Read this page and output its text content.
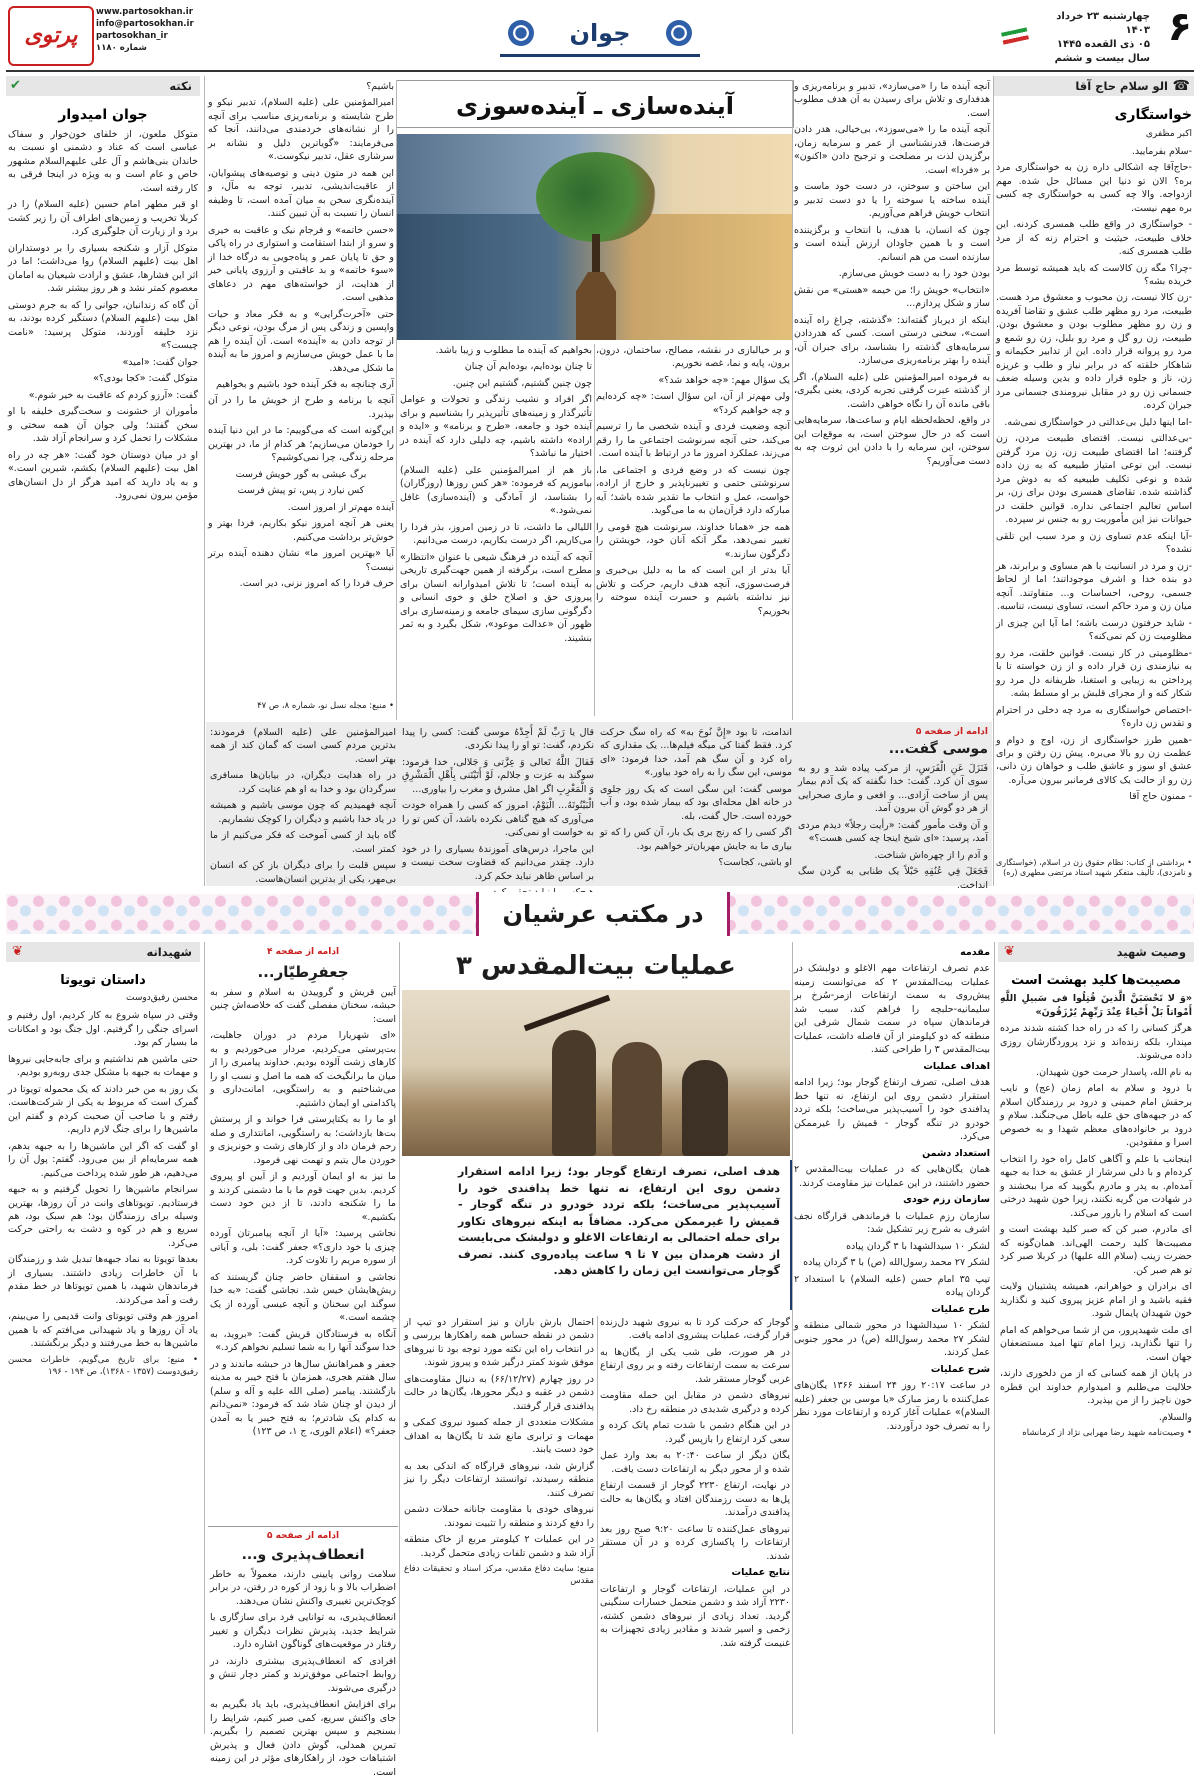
۶
چهارشنبه ۲۳ خرداد ۱۴۰۳
۰۵ ذی القعده ۱۴۴۵
سال بیست و ششم
جوان
www.partosokhan.ir
info@partosokhan.ir
partosokhan_ir
شماره ۱۱۸۰
پرتوی
☎
الو سلام حاج آقا
خواستگاری
اکبر مظفری

-سلام بفرمایید.

-حاج‌آقا چه اشکالی داره زن به خواستگاری مرد بره؟ الان تو دنیا این مسائل حل شده. مهم ازدواجه. والا چه کسی به خواستگاری چه کسی بره مهم نیست.

- خواستگاری در واقع طلب همسری کردنه. این خلاف طبیعت، حیثیت و احترام زنه که از مرد طلب همسری کنه.

-چرا؟ مگه زن کالاست که باید همیشه توسط مرد خریده بشه؟

-زن کالا نیست، زن محبوب و معشوق مرد هست. طبیعت، مرد رو مظهر طلب عشق و تقاضا آفریده و زن رو مظهر مطلوب بودن و معشوق بودن. طبیعت، زن رو گل و مرد رو بلبل، زن رو شمع و مرد رو پروانه قرار داده. این از تدابیر حکیمانه و شاهکار خلقته که در برابر نیاز و طلب و غریزه زن، ناز و جلوه قرار داده و بدین وسیله ضعف جسمانی زن رو در مقابل نیرومندی جسمانی مرد جبران کرده.

-اما اینها دلیل بی‌عدالتی در خواستگاری نمی‌شه.

-بی‌عدالتی نیست. اقتضای طبیعت مردن، زن گرفتنه؛ اما اقتضای طبیعت زن، زن مرد گرفتن نیست. این نوعی امتیاز طبیعیه که به زن داده شده و نوعی تکلیف طبیعیه که به دوش مرد گذاشته شده. تقاضای همسری بودن برای زن، بر اساس تعالیم اجتماعی نداره. قوانین خلقت در حیوانات نیز این مأموریت رو به جنس نر سپرده.

-آیا اینکه عدم تساوی زن و مرد سبب این تلقی نشده؟

-زن و مرد در انسانیت با هم مساوی و برابرند، هر دو بنده خدا و اشرف موجوداتند؛ اما از لحاظ جسمی، روحی، احساسات و... متفاوتند. آنچه میان زن و مرد حاکم است، تساوی نیست، تناسبه.

- شاید حرفتون درست باشه؛ اما آیا این چیزی از مظلومیت زن کم نمی‌کنه؟

-مظلومیتی در کار نیست. قوانین خلقت، مرد رو به نیازمندی زن قرار داده و از زن خواسته تا با پرداختن به زیبایی و استغنا، ظریفانه دل مرد رو شکار کنه و از مجرای قلبش بر او مسلط بشه.

-اختصاص خواستگاری به مرد چه دخلی در احترام و تقدس زن داره؟

-همین طرز خواستگاری از زن، اوج و دوام و عظمت زن رو بالا می‌بره. پیش زن رفتن و برای عشق او سوز و عاشق طلب و خواهان زن دانی، زن رو از حالت یک کالای فرمانبر بیرون می‌آره.

- ممنون حاج آقا

• برداشتی از کتاب: نظام حقوق زن در اسلام، (خواستگاری و نامزدی)، تألیف متفکر شهید استاد مرتضی مطهری (ره)
✔	نکته
جوان امیدوار

متوکل ملعون، از خلفای خون‌خوار و سفاک عباسی است که عناد و دشمنی او نسبت به خاندان بنی‌هاشم و آل علی علیهم‌السلام مشهور خاص و عام است و به ویژه در اینجا فرقی به کار رفته است.

او قبر مطهر امام حسین (علیه السلام) را در کربلا تخریب و زمین‌های اطراف آن را زیر کشت برد و از زیارت آن جلوگیری کرد.

متوکل آزار و شکنجه بسیاری را بر دوستداران اهل بیت (علیهم السلام) روا می‌داشت؛ اما در اثر این فشارها، عشق و ارادت شیعیان به امامان معصوم کمتر نشد و هر روز بیشتر شد.

آن گاه که زندانبان، جوانی را که به جرم دوستی اهل بیت (علیهم السلام) دستگیر کرده بودند، به نزد خلیفه آوردند، متوکل پرسید: «نامت چیست؟»

جوان گفت: «امید»

متوکل گفت: «کجا بودی؟»

گفت: «آرزو کردم که عاقبت به خیر شوم.»

مأموران از خشونت و سخت‌گیری خلیفه با او سخن گفتند؛ ولی جوان آن همه سختی و مشکلات را تحمل کرد و سرانجام آزاد شد.

او در میان دوستان خود گفت: «هر چه در راه اهل بیت (علیهم السلام) بکشم، شیرین است.» و به یاد دارید که امید هرگز از دل انسان‌های مؤمن بیرون نمی‌رود.

آینده‌سازی ـ آینده‌سوزی

آنچه آینده ما را «می‌سازد»، تدبیر و برنامه‌ریزی و هدفداری و تلاش برای رسیدن به آن هدف مطلوب است.

آنچه آینده ما را «می‌سوزد»، بی‌خیالی، هدر دادن فرصت‌ها، قدرنشناسی از عمر و سرمایه زمان، برگزیدن لذت بر مصلحت و ترجیح دادن «اکنون» بر «فردا» است.

این ساختن و سوختن، در دست خود ماست و آینده ساخته یا سوخته را یا دو دست تدبیر و انتخاب خویش فراهم می‌آوریم.

چون که انسان، با هدف، با انتخاب و برگزیننده است و با همین جاودان ارزش آینده است و سازنده است من هم انسانم.

بودن خود را به دست خویش می‌سازم.

«انتخاب» خویش را؛ من خیمه «هستی» من نقش ساز و شکل پردازم...

اینکه از دیرباز گفته‌اند: «گذشته، چراغ راه آینده است»، سخنی درستی است. کسی که هدردادن سرمایه‌های گذشته را بشناسد، برای جبران آن، آینده را بهتر برنامه‌ریزی می‌سازد.

به فرموده امیرالمؤمنین علی (علیه السلام)، اگر از گذشته عبرت گرفتی تجربه کردی، یعنی بگیری، باقی مانده آن را نگاه خواهی داشت.

در واقع، لحظه‌لحظه ایام و ساعت‌ها، سرمایه‌هایی است که در حال سوختن است، به موقع‌ات این سوختن، این سرمایه را با دادن این ثروت چه به دست می‌آوریم؟

و بر خیالبازی در نقشه، مصالح، ساختمان، درون، برون، پایه و نما، غصه نخوریم.

یک سؤال مهم: «چه خواهد شد؟»

ولی مهم‌تر از آن، این سؤال است: «چه کرده‌ایم و چه خواهیم کرد؟»

آنچه وضعیت فردی و آینده شخصی ما را ترسیم می‌کند، حتی آنچه سرنوشت اجتماعی ما را رقم می‌زند، عملکرد امروز ما در ارتباط با آینده است.

چون نیست که در وضع فردی و اجتماعی ما، سرنوشتی حتمی و تغییرناپذیر و خارج از اراده، خواست، عمل و انتخاب ما تقدیر شده باشد؛ آیه مبارکه دارد قرآن‌مان به ما می‌گوید.

همه جز «همانا خداوند، سرنوشت هیچ قومی را تغییر نمی‌دهد، مگر آنکه آنان خود، خویشتن را دگرگون سازند.»

آیا بدتر از این است که ما به دلیل بی‌خبری و فرصت‌سوزی، آنچه هدف داریم، حرکت و تلاش نیز نداشته باشیم و حسرت آینده سوخته را بخوریم؟

بخواهیم که آینده ما مطلوب و زیبا باشد.

تا چنان بوده‌ایم، بوده‌ایم آن چنان

چون چنین گشتیم، گشتیم این چنین.

اگر افراد و نشیب زندگی و تحولات و عوامل تأثیرگذار و زمینه‌های تأثیرپذیر را بشناسیم و برای آینده خود و جامعه، «طرح و برنامه» و «ایده و اراده» داشته باشیم، چه دلیلی دارد که آینده در اختیار ما نباشد؟

باز هم از امیرالمؤمنین علی (علیه السلام) بیاموزیم که فرموده: «هر کس روزها (روزگاران) را بشناسد، از آمادگی و (آینده‌سازی) غافل نمی‌شود.»

اللیالی ما داشت، تا در زمین امروز، بذر فردا را می‌کاریم، اگر درست بکاریم، درست می‌دانیم.

آنچه که آینده در فرهنگ شیعی با عنوان «انتظار» مطرح است، برگرفته از همین جهت‌گیری تاریخی به آینده است؛ تا تلاش امیدوارانه انسان برای پیروزی حق و اصلاح خلق و خوی انسانی و دگرگونی سازی سیمای جامعه و زمینه‌سازی برای ظهور آن «عدالت موعود»، شکل بگیرد و به ثمر بنشیند.

باشیم؟

امیرالمؤمنین علی (علیه السلام)، تدبیر نیکو و طرح شایسته و برنامه‌ریزی مناسب برای آنچه را از نشانه‌های خردمندی می‌دانند، آنجا که می‌فرمایند: «گویاترین دلیل و نشانه بر سرشاری عقل، تدبیر نیکوست.»

این همه در متون دینی و توصیه‌های پیشوایان، از عاقبت‌اندیشی، تدبیر، توجه به مآل، و آینده‌نگری سخن به میان آمده است، تا وظیفه انسان را نسبت به آن تبیین کنند.

«حسن خاتمه» و فرجام نیک و عاقبت به خیری و سرو از ابتدا استقامت و استواری در راه پاکی و حق تا پایان عمر و پناه‌جویی به درگاه خدا از «سوء خاتمه» و بد عاقبتی و آرزوی پایانی خیر از هدایت، از خواسته‌های مهم در دعاهای مذهبی است.

حتی «آخرت‌گرایی» و به فکر معاد و حیات واپسین و زندگی پس از مرگ بودن، نوعی دیگر از توجه دادن به «آینده» است. آن آینده را هم ما با عمل خویش می‌سازیم و امروز ما به آینده ما شکل می‌دهد.

آری چنانچه به فکر آینده خود باشیم و بخواهیم

آنچه با برنامه و طرح از خویش ما را در آن بپذیرد.

این‌گونه است که می‌گوییم: ما در این دنیا آینده را خودمان می‌سازیم؛ هر کدام از ما، در بهترین مرحله زندگی، چرا نمی‌کوشیم؟

برگ عیشی به گور خویش فرست

کس نیارد ز پس، تو پیش فرست

آینده مهم‌تر از امروز است.

یعنی هر آنچه امروز نیکو بکاریم، فردا بهتر و خوش‌تر برداشت می‌کنیم.

آیا «بهترین امروز ما» نشان دهنده آینده برتر نیست؟

حرف فردا را که امروز نزنی، دیر است.

• منبع: مجله نسل نو، شماره ۸، ص ۴۷
ادامه از صفحه ۵
موسی گفت...

فَنَزَلَ عَنِ الْفَرَسِ، از مرکب پیاده شد و رو به سوی آن کرد. گفت: خدا نگفته که یک آدم بیمار پس از ساخت آزادی... و افعی و ماری صحرایی از هر دو گوش آن بیرون آمد.

و آن وقت مأمور گفت: «رأیت رجلاً» دیدم مردی آمد، پرسید: «ای شیخ اینجا چه کسی هست؟»

و آدم را از چهره‌اش شناخت.

فَجَعَلَ فِي عُنُقِهِ حَبْلاً یک طنابی به گردن سگ انداخت.

اندامت، تا بود «إِنَّ نُوحَ به» که راه سگ حرکت کرد. فقط گفتا کی میگه فیلم‌ها... یک مقداری که راه کرد و آن سگ هم آمد، خدا فرمود: «ای موسی، این سگ را به راه خود بیاور.»

موسی گفت: این سگی است که یک روز جلوی در خانه اهل محله‌ای بود که بیمار شده بود، و آب خورده است. حال گفت، بله.

اگر کسی را که رنج بری یک بار، آن کس را که تو بیاری ما به جایش مهربان‌تر خواهیم بود.

او باشی، کجاست؟

قال یا رَبِّ لَمْ أَجِدْهُ موسی گفت: کسی را پیدا نکردم، گفت: تو او را پیدا نکردی.

فَقالَ اللَّهُ تَعالى وَ عِزَّتی وَ جَلالی، خدا فرمود: سوگند به عزت و جلالم، لَوْ أَتَیْتَنی بِأَهْلِ الْمَشْرِقِ وَ الْمَغْرِبِ اگر اهل مشرق و مغرب را بیاوری...

الْبَیْتُوتَهُ... الْیَوْمُ، امروز که کسی را همراه خودت می‌آوری که هیچ گناهی نکرده باشد، آن کس تو را به خواست او نمی‌کنی.

این ماجرا، درس‌های آموزندهٔ بسیاری را در خود دارد. چقدر می‌دانیم که قضاوت سخت نیست و بر اساس ظاهر نباید حکم کرد.

امیرالمؤمنین علی (علیه السلام) فرمودند: بدترین مردم کسی است که گمان کند از همه بهتر است.

در راه هدایت دیگران، در بیابان‌ها مسافری سرگردان بود و خدا به او هم عنایت کرد.

آنچه فهمیدیم که چون موسی باشیم و همیشه در یاد خدا باشیم و دیگران را کوچک نشماریم.

گاه باید از کسی آموخت که فکر می‌کنیم از ما کمتر است.

سپس قلبت را برای دیگران باز کن که انسان بی‌مهر، یکی از بدترین انسان‌هاست.

در مکتب عرشیان
❦	وصیت شهید
مصیبت‌ها کلید بهشت است

«وَ لا تَحْسَبَنَّ الَّذینَ قُتِلُوا فی سَبیلِ اللَّهِ أَمْواتاً بَلْ أَحْیاءٌ عِنْدَ رَبِّهِمْ یُرْزَقُونَ»

هرگز کسانی را که در راه خدا کشته شدند مرده مپندار، بلکه زنده‌اند و نزد پروردگارشان روزی داده می‌شوند.

به نام الله، پاسدار حرمت خون شهیدان.

با درود و سلام به امام زمان (عج) و نایب برحقش امام خمینی و درود بر رزمندگان اسلام که در جبهه‌های حق علیه باطل می‌جنگند. سلام و درود بر خانواده‌های معظم شهدا و به خصوص اسرا و مفقودین.

اینجانب با علم و آگاهی کامل راه خود را انتخاب کرده‌ام و با دلی سرشار از عشق به خدا به جبهه آمده‌ام. به پدر و مادرم بگویید که مرا ببخشند و در شهادت من گریه نکنند، زیرا خون شهید درختی است که اسلام را بارور می‌کند.

ای مادرم، صبر کن که صبر کلید بهشت است و مصیبت‌ها کلید رحمت الهی‌اند. همان‌گونه که حضرت زینب (سلام الله علیها) در کربلا صبر کرد تو هم صبر کن.

ای برادران و خواهرانم، همیشه پشتیبان ولایت فقیه باشید و از امام عزیز پیروی کنید و نگذارید خون شهیدان پایمال شود.

ای ملت شهیدپرور، من از شما می‌خواهم که امام را تنها نگذارید، زیرا امام تنها امید مستضعفان جهان است.

در پایان از همه کسانی که از من دلخوری دارند، حلالیت می‌طلبم و امیدوارم خداوند این قطره خون ناچیز را از من بپذیرد.

والسلام.

• وصیت‌نامه شهید رضا مهرابی نژاد از کرمانشاه

عملیات بیت‌المقدس ۳
هدف اصلی، تصرف ارتفاع گوجار بود؛ زیرا ادامه استقرار دشمن روی این ارتفاع، نه تنها خط پدافندی خود را آسیب‌پذیر می‌ساخت؛ بلکه تردد خودرو در تنگه گوجار - قمیش را غیرممکن می‌کرد. مضافاً به اینکه نیروهای تکاور برای حمله احتمالی به ارتفاعات الاغلو و دولبشک می‌بایست از دشت هرمدان بین ۷ تا ۹ ساعت پیاده‌روی کنند. تصرف گوجار می‌توانست این زمان را کاهش دهد.

مقدمه

عدم تصرف ارتفاعات مهم الاغلو و دولبشک در عملیات بیت‌المقدس ۲ که می‌توانست زمینه پیش‌روی به سمت ارتفاعات ازمر-سُرخ بر سلیمانیه-حلبچه را فراهم کند، سبب شد فرماندهان سپاه در سمت شمال شرقی این منطقه که دو کیلومتر از آن فاصله داشت، عملیات بیت‌المقدس ۳ را طراحی کنند.

اهداف عملیات

هدف اصلی، تصرف ارتفاع گوجار بود؛ زیرا ادامه استقرار دشمن روی این ارتفاع، نه تنها خط پدافندی خود را آسیب‌پذیر می‌ساخت؛ بلکه تردد خودرو در تنگه گوجار - قمیش را غیرممکن می‌کرد.

استعداد دشمن

همان یگان‌هایی که در عملیات بیت‌المقدس ۲ حضور داشتند، در این عملیات نیز مقاومت کردند.

سازمان رزم خودی

سازمان رزم عملیات با فرماندهی قرارگاه نجف اشرف به شرح زیر تشکیل شد:

لشکر ۱۰ سیدالشهدا با ۳ گردان پیاده

لشکر ۲۷ محمد رسول‌الله (ص) با ۳ گردان پیاده

تیپ ۳۵ امام حسن (علیه السلام) با استعداد ۲ گردان پیاده

طرح عملیات

لشکر ۱۰ سیدالشهدا در محور شمالی منطقه و لشکر ۲۷ محمد رسول‌الله (ص) در محور جنوبی عمل کردند.

شرح عملیات

در ساعت ۲۰:۱۷ روز ۲۴ اسفند ۱۳۶۶ یگان‌های عمل‌کننده با رمز مبارک «یا موسی بن جعفر (علیه السلام)» عملیات آغاز کرده و ارتفاعات مورد نظر را به تصرف خود درآوردند.

گوجار که حرکت کرد تا به نیروی شهید دل‌زنده قرار گرفت، عملیات پیشروی ادامه یافت.

در هر صورت، طی شب یکی از یگان‌ها به سرعت به سمت ارتفاعات رفته و بر روی ارتفاع غربی گوجار مستقر شد.

نیروهای دشمن در مقابل این حمله مقاومت کرده و درگیری شدیدی در منطقه رخ داد.

در این هنگام دشمن با شدت تمام پاتک کرده و سعی کرد ارتفاع را بازپس گیرد.

یگان دیگر از ساعت ۲۰:۴۰ به بعد وارد عمل شده و از محور دیگر به ارتفاعات دست یافت.

در نهایت، ارتفاع ۲۲۳۰ گوجار از قسمت ارتفاع پل‌ها به دست رزمندگان افتاد و یگان‌ها به حالت پدافندی درآمدند.

نیروهای عمل‌کننده تا ساعت ۹:۲۰ صبح روز بعد ارتفاعات را پاکسازی کرده و در آن مستقر شدند.

نتایج عملیات

در این عملیات، ارتفاعات گوجار و ارتفاعات ۲۲۳۰ آزاد شد و دشمن متحمل خسارات سنگینی گردید. تعداد زیادی از نیروهای دشمن کشته، زخمی و اسیر شدند و مقادیر زیادی تجهیزات به غنیمت گرفته شد.

احتمال بارش باران و نیز استقرار دو تیپ از دشمن در نقطه حساس همه راهکارها بررسی و در انتخاب راه این نکته مورد توجه بود تا نیروهای موفق شوند کمتر درگیر شده و پیروز شوند.

در روز چهارم (۶۶/۱۲/۲۷) به دنبال مقاومت‌های دشمن در عقبه و دیگر محورها، یگان‌ها در حالت پدافندی قرار گرفتند.

مشکلات متعددی از جمله کمبود نیروی کمکی و مهمات و ترابری مانع شد تا یگان‌ها به اهداف خود دست یابند.

گزارش شد، نیروهای قرارگاه که اندکی بعد به منطقه رسیدند، توانستند ارتفاعات دیگر را نیز تصرف کنند.

نیروهای خودی با مقاومت جانانه حملات دشمن را دفع کردند و منطقه را تثبیت نمودند.

در این عملیات ۲ کیلومتر مربع از خاک منطقه آزاد شد و دشمن تلفات زیادی متحمل گردید.

منبع: سایت دفاع مقدس، مرکز اسناد و تحقیقات دفاع مقدس

ادامه از صفحه ۴
جعفرِطیّار...

آیین قریش و گروییدن به اسلام و سفر به حبشه، سخنان مفصلی گفت که خلاصه‌اش چنین است:

«ای شهریارا مردم در دوران جاهلیت، بت‌پرستی می‌کردیم، مردار می‌خوردیم و به کارهای زشت آلوده بودیم. خداوند پیامبری را از میان ما برانگیخت که همه ما اصل و نسب او را می‌شناختیم و به راستگویی، امانت‌داری و پاکدامنی او ایمان داشتیم.

او ما را به یکتاپرستی فرا خواند و از پرستش بت‌ها بازداشت؛ به راستگویی، امانتداری و صله رحم فرمان داد و از کارهای زشت و خونریزی و خوردن مال یتیم و تهمت نهی فرمود.

ما نیز به او ایمان آوردیم و از آیین او پیروی کردیم. بدین جهت قوم ما با ما دشمنی کردند و ما را شکنجه دادند، تا از دین خود دست بکشیم.»

نجاشی پرسید: «آیا از آنچه پیامبرتان آورده چیزی با خود داری؟» جعفر گفت: بلی، و آیاتی از سوره مریم را تلاوت کرد.

نجاشی و اسقفان حاضر چنان گریستند که ریش‌هایشان خیس شد. نجاشی گفت: «به خدا سوگند این سخنان و آنچه عیسی آورده از یک چشمه است.»

آنگاه به فرستادگان قریش گفت: «بروید، به خدا سوگند آنها را به شما تسلیم نخواهم کرد.»

جعفر و همراهانش سال‌ها در حبشه ماندند و در سال هفتم هجری، همزمان با فتح خیبر به مدینه بازگشتند. پیامبر (صلی الله علیه و آله و سلم) از دیدن او چنان شاد شد که فرمود: «نمی‌دانم به کدام یک شادترم؛ به فتح خیبر یا به آمدن جعفر؟» (اعلام الوری، ج ۱، ص ۱۲۳)

ادامه از صفحه ۵
انعطاف‌پذیری و...

سلامت روانی پایینی دارند، معمولاً به خاطر اضطراب بالا و با زود از کوره در رفتن، در برابر کوچک‌ترین تغییری واکنش نشان می‌دهند.

انعطاف‌پذیری، به توانایی فرد برای سازگاری با شرایط جدید، پذیرش نظرات دیگران و تغییر رفتار در موقعیت‌های گوناگون اشاره دارد.

افرادی که انعطاف‌پذیری بیشتری دارند، در روابط اجتماعی موفق‌ترند و کمتر دچار تنش و درگیری می‌شوند.

برای افزایش انعطاف‌پذیری، باید یاد بگیریم به جای واکنش سریع، کمی صبر کنیم، شرایط را بسنجیم و سپس بهترین تصمیم را بگیریم. تمرین همدلی، گوش دادن فعال و پذیرش اشتباهات خود، از راهکارهای مؤثر در این زمینه است.

❦	شهیدانه
داستان تویوتا
محسن رفیق‌دوست

وقتی در سپاه شروع به کار کردیم، اول رفتیم و اسرای جنگی را گرفتیم. اول جنگ بود و امکانات ما بسیار کم بود.

حتی ماشین هم نداشتیم و برای جابه‌جایی نیروها و مهمات به جبهه با مشکل جدی روبه‌رو بودیم.

یک روز به من خبر دادند که یک محموله تویوتا در گمرک است که مربوط به یکی از شرکت‌هاست. رفتم و با صاحب آن صحبت کردم و گفتم این ماشین‌ها را برای جنگ لازم داریم.

او گفت که اگر این ماشین‌ها را به جبهه بدهم، همه سرمایه‌ام از بین می‌رود. گفتم: پول آن را می‌دهیم، هر طور شده پرداخت می‌کنیم.

سرانجام ماشین‌ها را تحویل گرفتیم و به جبهه فرستادیم. تویوتاهای وانت در آن روزها، بهترین وسیله برای رزمندگان بود؛ هم سبک بود، هم سریع و هم در کوه و دشت به راحتی حرکت می‌کرد.

بعدها تویوتا به نماد جبهه‌ها تبدیل شد و رزمندگان با آن خاطرات زیادی داشتند. بسیاری از فرماندهان شهید، با همین تویوتاها در خط مقدم رفت و آمد می‌کردند.

امروز هم وقتی تویوتای وانت قدیمی را می‌بینم، یاد آن روزها و یاد شهیدانی می‌افتم که با همین ماشین‌ها به خط می‌رفتند و دیگر برنگشتند.

• منبع: برای تاریخ می‌گویم، خاطرات محسن رفیق‌دوست (۱۳۵۷ - ۱۳۶۸)، ص ۱۹۴ - ۱۹۶
